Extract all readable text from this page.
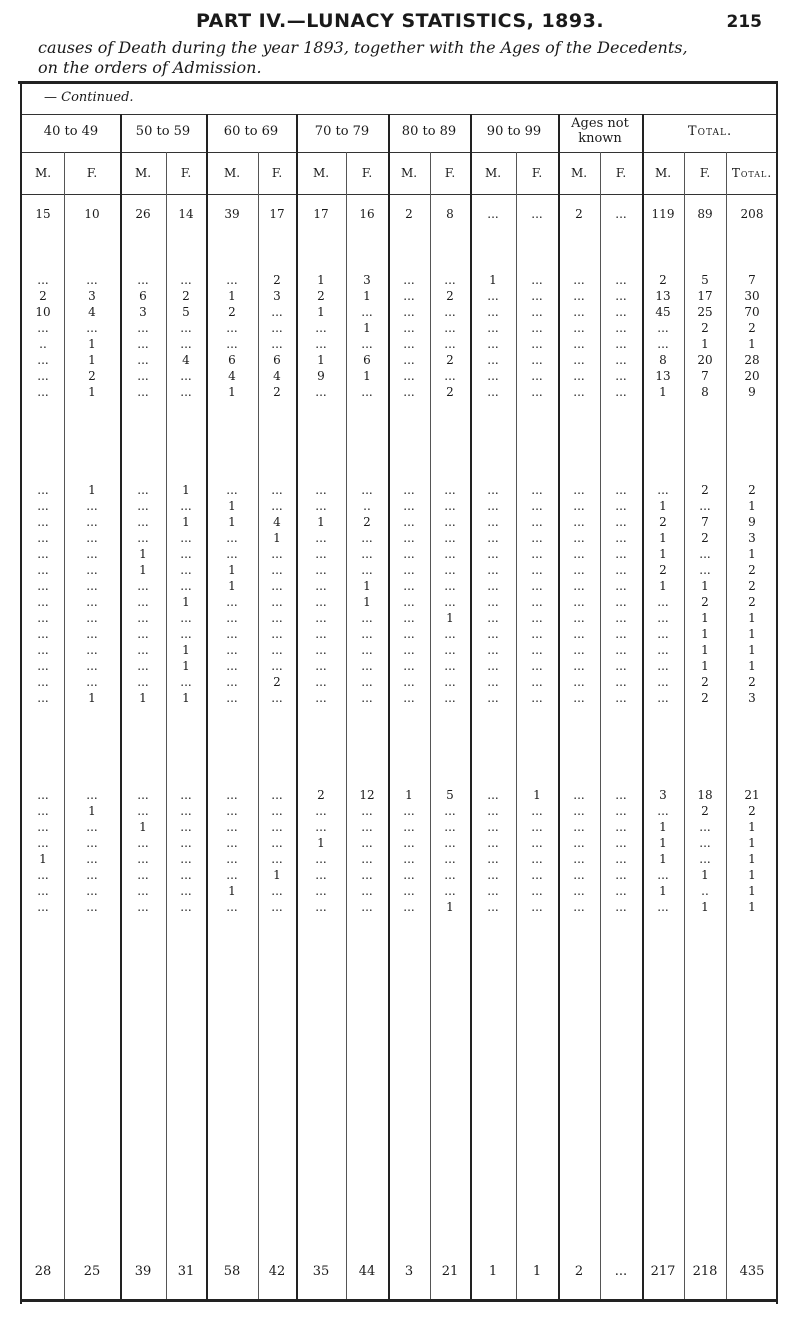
PART IV.—LUNACY STATISTICS, 1893.	215
causes of Death during the year 1893, together with the Ages of the Decedents,
on the orders of Admission.
— Continued.
40 to 49	50 to 59	60 to 69	70 to 79	80 to 89	90 to 99
Ages not known	Total.
M.	F.	M.	F.	M.	F.	M.	F.	M.	F.	M.	F.	M.	F.	M.	F.	Total.
15	10	26	14	39	17	17	16	2	8	...	...	2	...	119	89	208
...	...	...	...	...	2	1	3	...	...	1	...	...	...	2	5	7
2	3	6	2	1	3	2	1	...	2	...	...	...	...	13	17	30
10	4	3	5	2	...	1	...	...	...	...	...	...	...	45	25	70
...	...	...	...	...	...	...	1	...	...	...	...	...	...	...	2	2
..	1	...	...	...	...	...	...	...	...	...	...	...	...	...	1	1
...	1	...	4	6	6	1	6	...	2	...	...	...	...	8	20	28
...	2	...	...	4	4	9	1	...	...	...	...	...	...	13	7	20
...	1	...	...	1	2	...	...	...	2	...	...	...	...	1	8	9
...	1	...	1	...	...	...	...	...	...	...	...	...	...	...	2	2
...	...	...	...	1	...	...	..	...	...	...	...	...	...	1	...	1
...	...	...	1	1	4	1	2	...	...	...	...	...	...	2	7	9
...	...	...	...	...	1	...	...	...	...	...	...	...	...	1	2	3
...	...	1	...	...	...	...	...	...	...	...	...	...	...	1	...	1
...	...	1	...	1	...	...	...	...	...	...	...	...	...	2	...	2
...	...	...	...	1	...	...	1	...	...	...	...	...	...	1	1	2
...	...	...	1	...	...	...	1	...	...	...	...	...	...	...	2	2
...	...	...	...	...	...	...	...	...	1	...	...	...	...	...	1	1
...	...	...	...	...	...	...	...	...	...	...	...	...	...	...	1	1
...	...	...	1	...	...	...	...	...	...	...	...	...	...	...	1	1
...	...	...	1	...	...	...	...	...	...	...	...	...	...	...	1	1
...	...	...	...	...	2	...	...	...	...	...	...	...	...	...	2	2
...	1	1	1	...	...	...	...	...	...	...	...	...	...	...	2	3
...	...	...	...	...	...	2	12	1	5	...	1	...	...	3	18	21
...	1	...	...	...	...	...	...	...	...	...	...	...	...	...	2	2
...	...	1	...	...	...	...	...	...	...	...	...	...	...	1	...	1
...	...	...	...	...	...	1	...	...	...	...	...	...	...	1	...	1
1	...	...	...	...	...	...	...	...	...	...	...	...	...	1	...	1
...	...	...	...	...	1	...	...	...	...	...	...	...	...	...	1	1
...	...	...	...	1	...	...	...	...	...	...	...	...	...	1	..	1
...	...	...	...	...	...	...	...	...	1	...	...	...	...	...	1	1
28	25	39	31	58	42	35	44	3	21	1	1	2	...	217	218	435
